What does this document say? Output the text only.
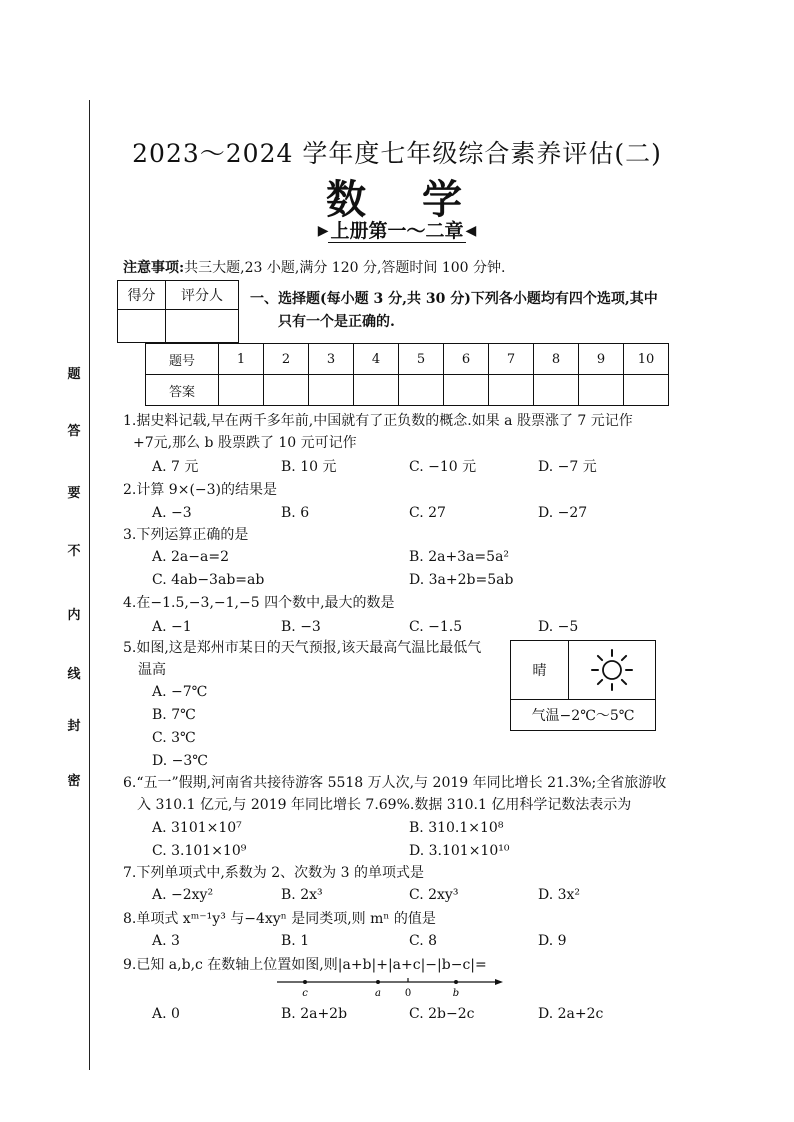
题
答
要
不
内
线
封
密
2023～2024 学年度七年级综合素养评估(二)
数学
▶ 上册第一～二章 ◀
注意事项:共三大题,23 小题,满分 120 分,答题时间 100 分钟.
得分	评分人
	一、选择题(每小题 3 分,共 30 分)下列各小题均有四个选项,其中
只有一个是正确的.
题号	1	2	3	4	5	6	7	8	9	10
答案										
1.据史料记载,早在两千多年前,中国就有了正负数的概念.如果 a 股票涨了 7 元记作
+7元,那么 b 股票跌了 10 元可记作
A. 7 元	B. 10 元	C. −10 元	D. −7 元
2.计算 9×(−3)的结果是
A. −3	B. 6	C. 27	D. −27
3.下列运算正确的是
A. 2a−a=2	B. 2a+3a=5a²
C. 4ab−3ab=ab	D. 3a+2b=5ab
4.在−1.5,−3,−1,−5 四个数中,最大的数是
A. −1	B. −3	C. −1.5	D. −5
5.如图,这是郑州市某日的天气预报,该天最高气温比最低气
温高
A. −7℃
B. 7℃
C. 3℃
D. −3℃
晴	

气温−2℃～5℃
6.“五一”假期,河南省共接待游客 5518 万人次,与 2019 年同比增长 21.3%;全省旅游收
入 310.1 亿元,与 2019 年同比增长 7.69%.数据 310.1 亿用科学记数法表示为
A. 3101×10⁷	B. 310.1×10⁸
C. 3.101×10⁹	D. 3.101×10¹⁰
7.下列单项式中,系数为 2、次数为 3 的单项式是
A. −2xy²	B. 2x³	C. 2xy³	D. 3x²
8.单项式 xᵐ⁻¹y³ 与−4xyⁿ 是同类项,则 mⁿ 的值是
A. 3	B. 1	C. 8	D. 9
9.已知 a,b,c 在数轴上位置如图,则|a+b|+|a+c|−|b−c|=
c	a 0	b
A. 0	B. 2a+2b	C. 2b−2c	D. 2a+2c
